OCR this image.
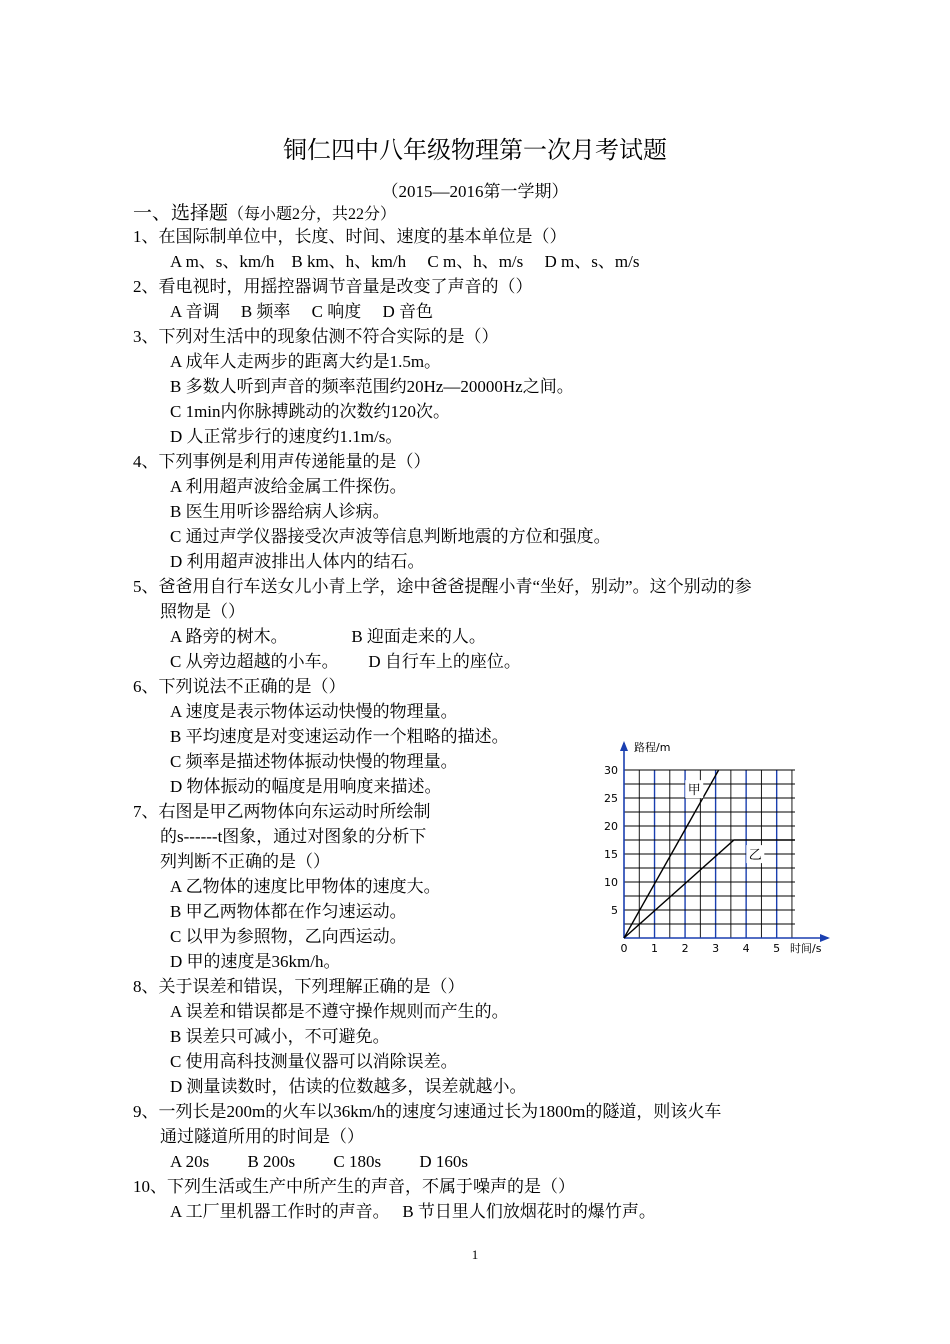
铜仁四中八年级物理第一次月考试题
（2015—2016第一学期）
一、选择题（每小题2分，共22分）
1、在国际制单位中，长度、时间、速度的基本单位是（）
A m、s、km/h　B km、h、km/h　 C m、h、m/s　 D m、s、m/s
2、看电视时，用摇控器调节音量是改变了声音的（）
A 音调　 B 频率　 C 响度　 D 音色
3、下列对生活中的现象估测不符合实际的是（）
A 成年人走两步的距离大约是1.5m。
B 多数人听到声音的频率范围约20Hz—20000Hz之间。
C 1min内你脉搏跳动的次数约120次。
D 人正常步行的速度约1.1m/s。
4、下列事例是利用声传递能量的是（）
A 利用超声波给金属工件探伤。
B 医生用听诊器给病人诊病。
C 通过声学仪器接受次声波等信息判断地震的方位和强度。
D 利用超声波排出人体内的结石。
5、爸爸用自行车送女儿小青上学，途中爸爸提醒小青“坐好，别动”。这个别动的参
照物是（）
A 路旁的树木。　　　　 B 迎面走来的人。
C 从旁边超越的小车。　　 D 自行车上的座位。
6、下列说法不正确的是（）
A 速度是表示物体运动快慢的物理量。
B 平均速度是对变速运动作一个粗略的描述。
C 频率是描述物体振动快慢的物理量。
D 物体振动的幅度是用响度来描述。
7、右图是甲乙两物体向东运动时所绘制
的s------t图象，通过对图象的分析下
列判断不正确的是（）
A 乙物体的速度比甲物体的速度大。
B 甲乙两物体都在作匀速运动。
C 以甲为参照物，乙向西运动。
D 甲的速度是36km/h。
8、关于误差和错误，下列理解正确的是（）
A 误差和错误都是不遵守操作规则而产生的。
B 误差只可减小，不可避免。
C 使用高科技测量仪器可以消除误差。
D 测量读数时，估读的位数越多，误差就越小。
9、一列长是200m的火车以36km/h的速度匀速通过长为1800m的隧道，则该火车
通过隧道所用的时间是（）
A 20s　　 B 200s　　 C 180s　　 D 160s
10、下列生活或生产中所产生的声音，不属于噪声的是（）
A 工厂里机器工作时的声音。　 B 节日里人们放烟花时的爆竹声。
0 1 2 3 4 5
5
10
15
20
25
30
路程/m
时间/s
甲
乙
1
